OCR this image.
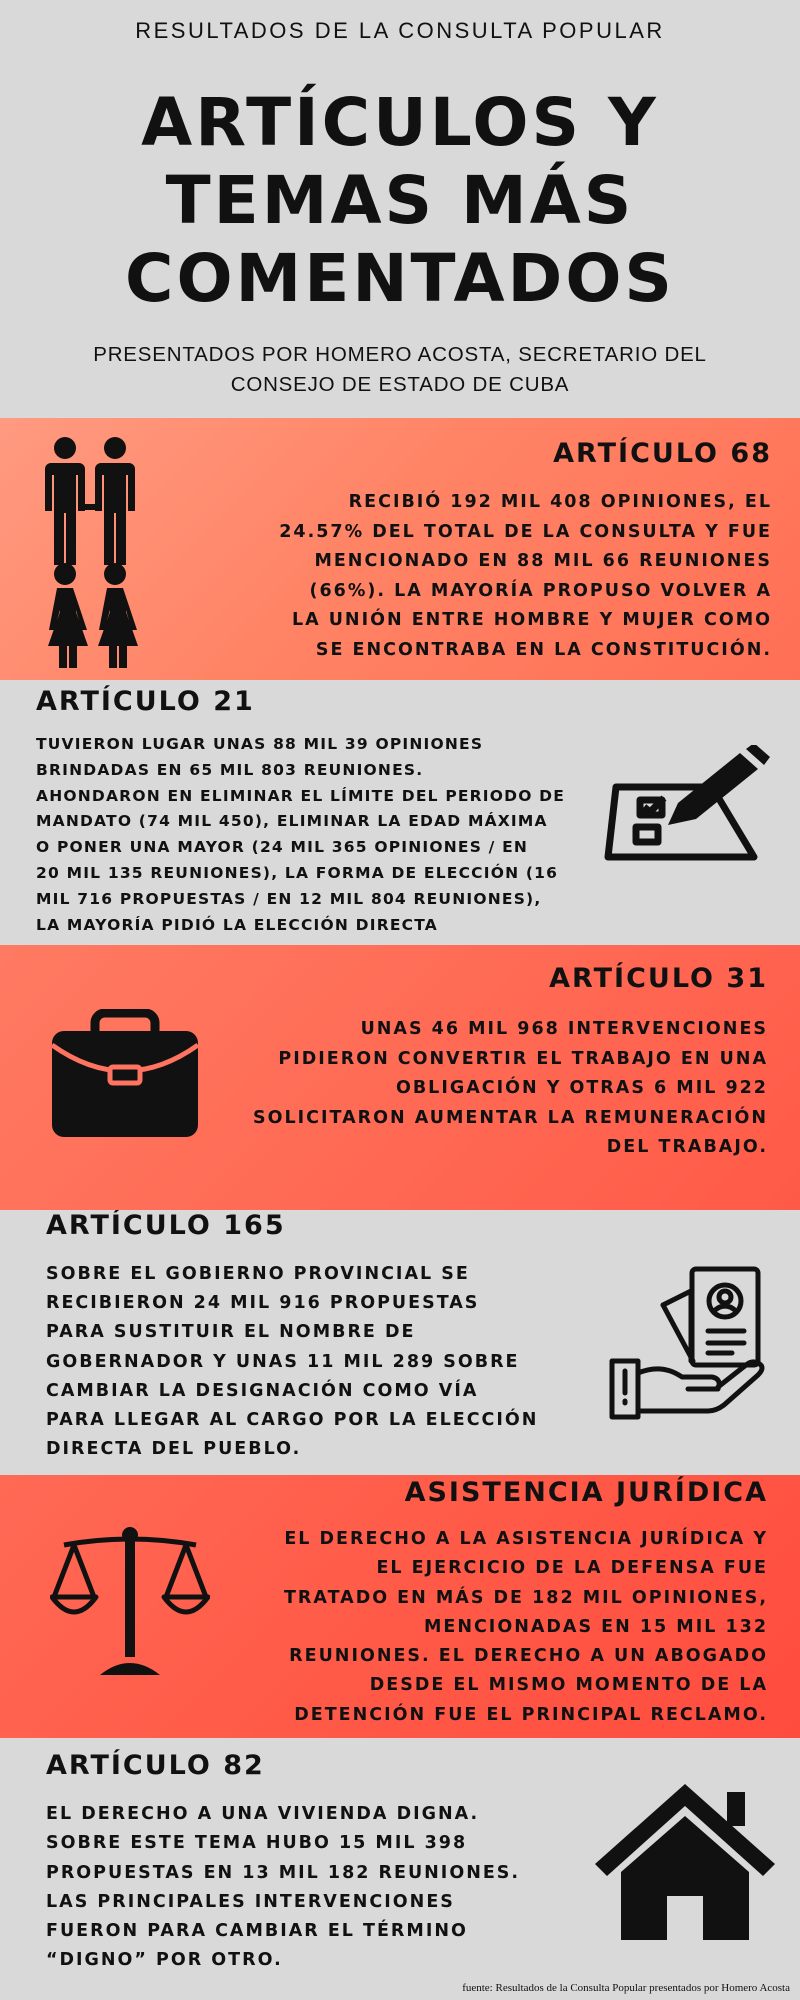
RESULTADOS DE LA CONSULTA POPULAR
ARTÍCULOS Y
TEMAS MÁS
COMENTADOS
PRESENTADOS POR HOMERO ACOSTA, SECRETARIO DEL
CONSEJO DE ESTADO DE CUBA
ARTÍCULO 68
RECIBIÓ 192 MIL 408 OPINIONES, EL
24.57% DEL TOTAL DE LA CONSULTA Y FUE
MENCIONADO EN 88 MIL 66 REUNIONES
(66%). LA MAYORÍA PROPUSO VOLVER A
LA UNIÓN ENTRE HOMBRE Y MUJER COMO
SE ENCONTRABA EN LA CONSTITUCIÓN.
ARTÍCULO 21
TUVIERON LUGAR UNAS 88 MIL 39 OPINIONES
BRINDADAS EN 65 MIL 803 REUNIONES.
AHONDARON EN ELIMINAR EL LÍMITE DEL PERIODO DE
MANDATO (74 MIL 450), ELIMINAR LA EDAD MÁXIMA
O PONER UNA MAYOR (24 MIL 365 OPINIONES / EN
20 MIL 135 REUNIONES), LA FORMA DE ELECCIÓN (16
MIL 716 PROPUESTAS / EN 12 MIL 804 REUNIONES),
LA MAYORÍA PIDIÓ LA ELECCIÓN DIRECTA
ARTÍCULO 31
UNAS 46 MIL 968 INTERVENCIONES
PIDIERON CONVERTIR EL TRABAJO EN UNA
OBLIGACIÓN Y OTRAS 6 MIL 922
SOLICITARON AUMENTAR LA REMUNERACIÓN
DEL TRABAJO.
ARTÍCULO 165
SOBRE EL GOBIERNO PROVINCIAL SE
RECIBIERON 24 MIL 916 PROPUESTAS
PARA SUSTITUIR EL NOMBRE DE
GOBERNADOR Y UNAS 11 MIL 289 SOBRE
CAMBIAR LA DESIGNACIÓN COMO VÍA
PARA LLEGAR AL CARGO POR LA ELECCIÓN
DIRECTA DEL PUEBLO.
ASISTENCIA JURÍDICA
EL DERECHO A LA ASISTENCIA JURÍDICA Y
EL EJERCICIO DE LA DEFENSA FUE
TRATADO EN MÁS DE 182 MIL OPINIONES,
MENCIONADAS EN 15 MIL 132
REUNIONES. EL DERECHO A UN ABOGADO
DESDE EL MISMO MOMENTO DE LA
DETENCIÓN FUE EL PRINCIPAL RECLAMO.
ARTÍCULO 82
EL DERECHO A UNA VIVIENDA DIGNA.
SOBRE ESTE TEMA HUBO 15 MIL 398
PROPUESTAS EN 13 MIL 182 REUNIONES.
LAS PRINCIPALES INTERVENCIONES
FUERON PARA CAMBIAR EL TÉRMINO
“DIGNO” POR OTRO.
fuente: Resultados de la Consulta Popular presentados por Homero Acosta
